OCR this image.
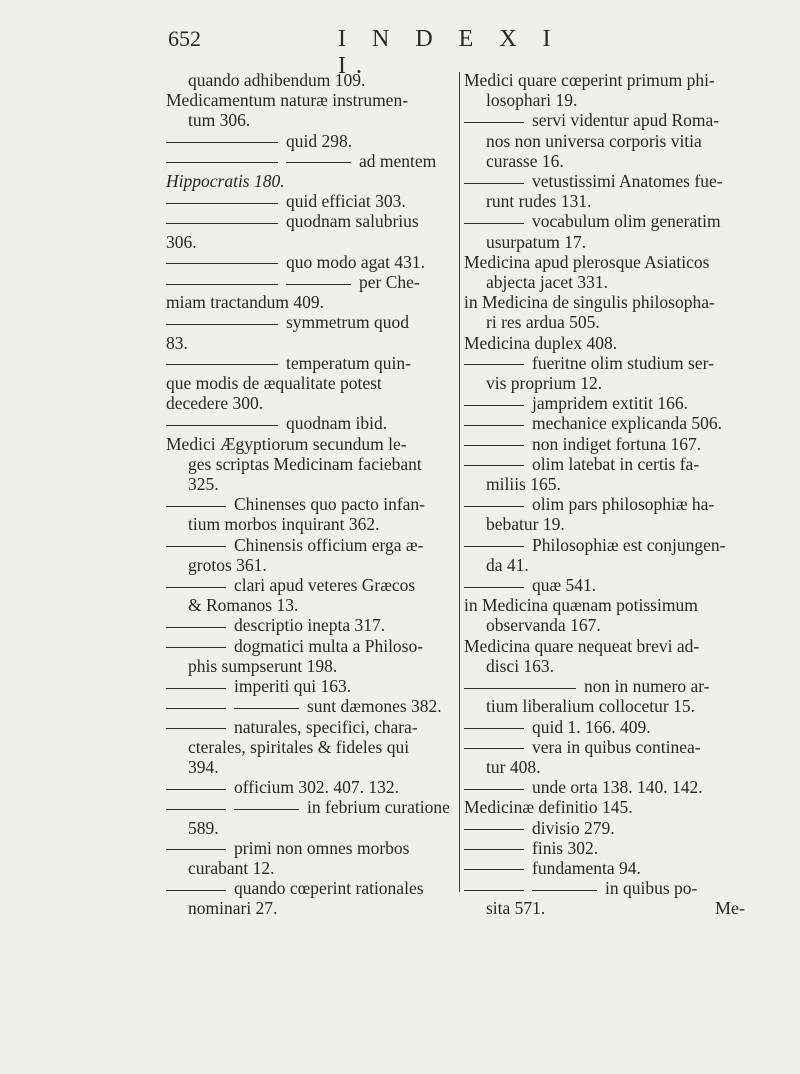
652	I N D E X I I.
quando adhibendum 109.
Medicamentum naturæ instrumen-
tum 306.
quid 298.
ad mentem
Hippocratis 180.
quid efficiat 303.
quodnam salubrius
306.
quo modo agat 431.
per Che-
miam tractandum 409.
symmetrum quod
83.
temperatum quin-
que modis de æqualitate potest
decedere 300.
quodnam ibid.
Medici Ægyptiorum secundum le-
ges scriptas Medicinam faciebant
325.
Chinenses quo pacto infan-
tium morbos inquirant 362.
Chinensis officium erga æ-
grotos 361.
clari apud veteres Græcos
& Romanos 13.
descriptio inepta 317.
dogmatici multa a Philoso-
phis sumpserunt 198.
imperiti qui 163.
sunt dæmones 382.
naturales, specifici, chara-
cterales, spiritales & fideles qui
394.
officium 302. 407. 132.
in febrium curatione
589.
primi non omnes morbos
curabant 12.
quando cœperint rationales
nominari 27.
Medici quare cœperint primum phi-
losophari 19.
servi videntur apud Roma-
nos non universa corporis vitia
curasse 16.
vetustissimi Anatomes fue-
runt rudes 131.
vocabulum olim generatim
usurpatum 17.
Medicina apud plerosque Asiaticos
abjecta jacet 331.
in Medicina de singulis philosopha-
ri res ardua 505.
Medicina duplex 408.
fueritne olim studium ser-
vis proprium 12.
jampridem extitit 166.
mechanice explicanda 506.
non indiget fortuna 167.
olim latebat in certis fa-
miliis 165.
olim pars philosophiæ ha-
bebatur 19.
Philosophiæ est conjungen-
da 41.
quæ 541.
in Medicina quænam potissimum
observanda 167.
Medicina quare nequeat brevi ad-
disci 163.
non in numero ar-
tium liberalium collocetur 15.
quid 1. 166. 409.
vera in quibus continea-
tur 408.
unde orta 138. 140. 142.
Medicinæ definitio 145.
divisio 279.
finis 302.
fundamenta 94.
in quibus po-
sita 571.	Me-
